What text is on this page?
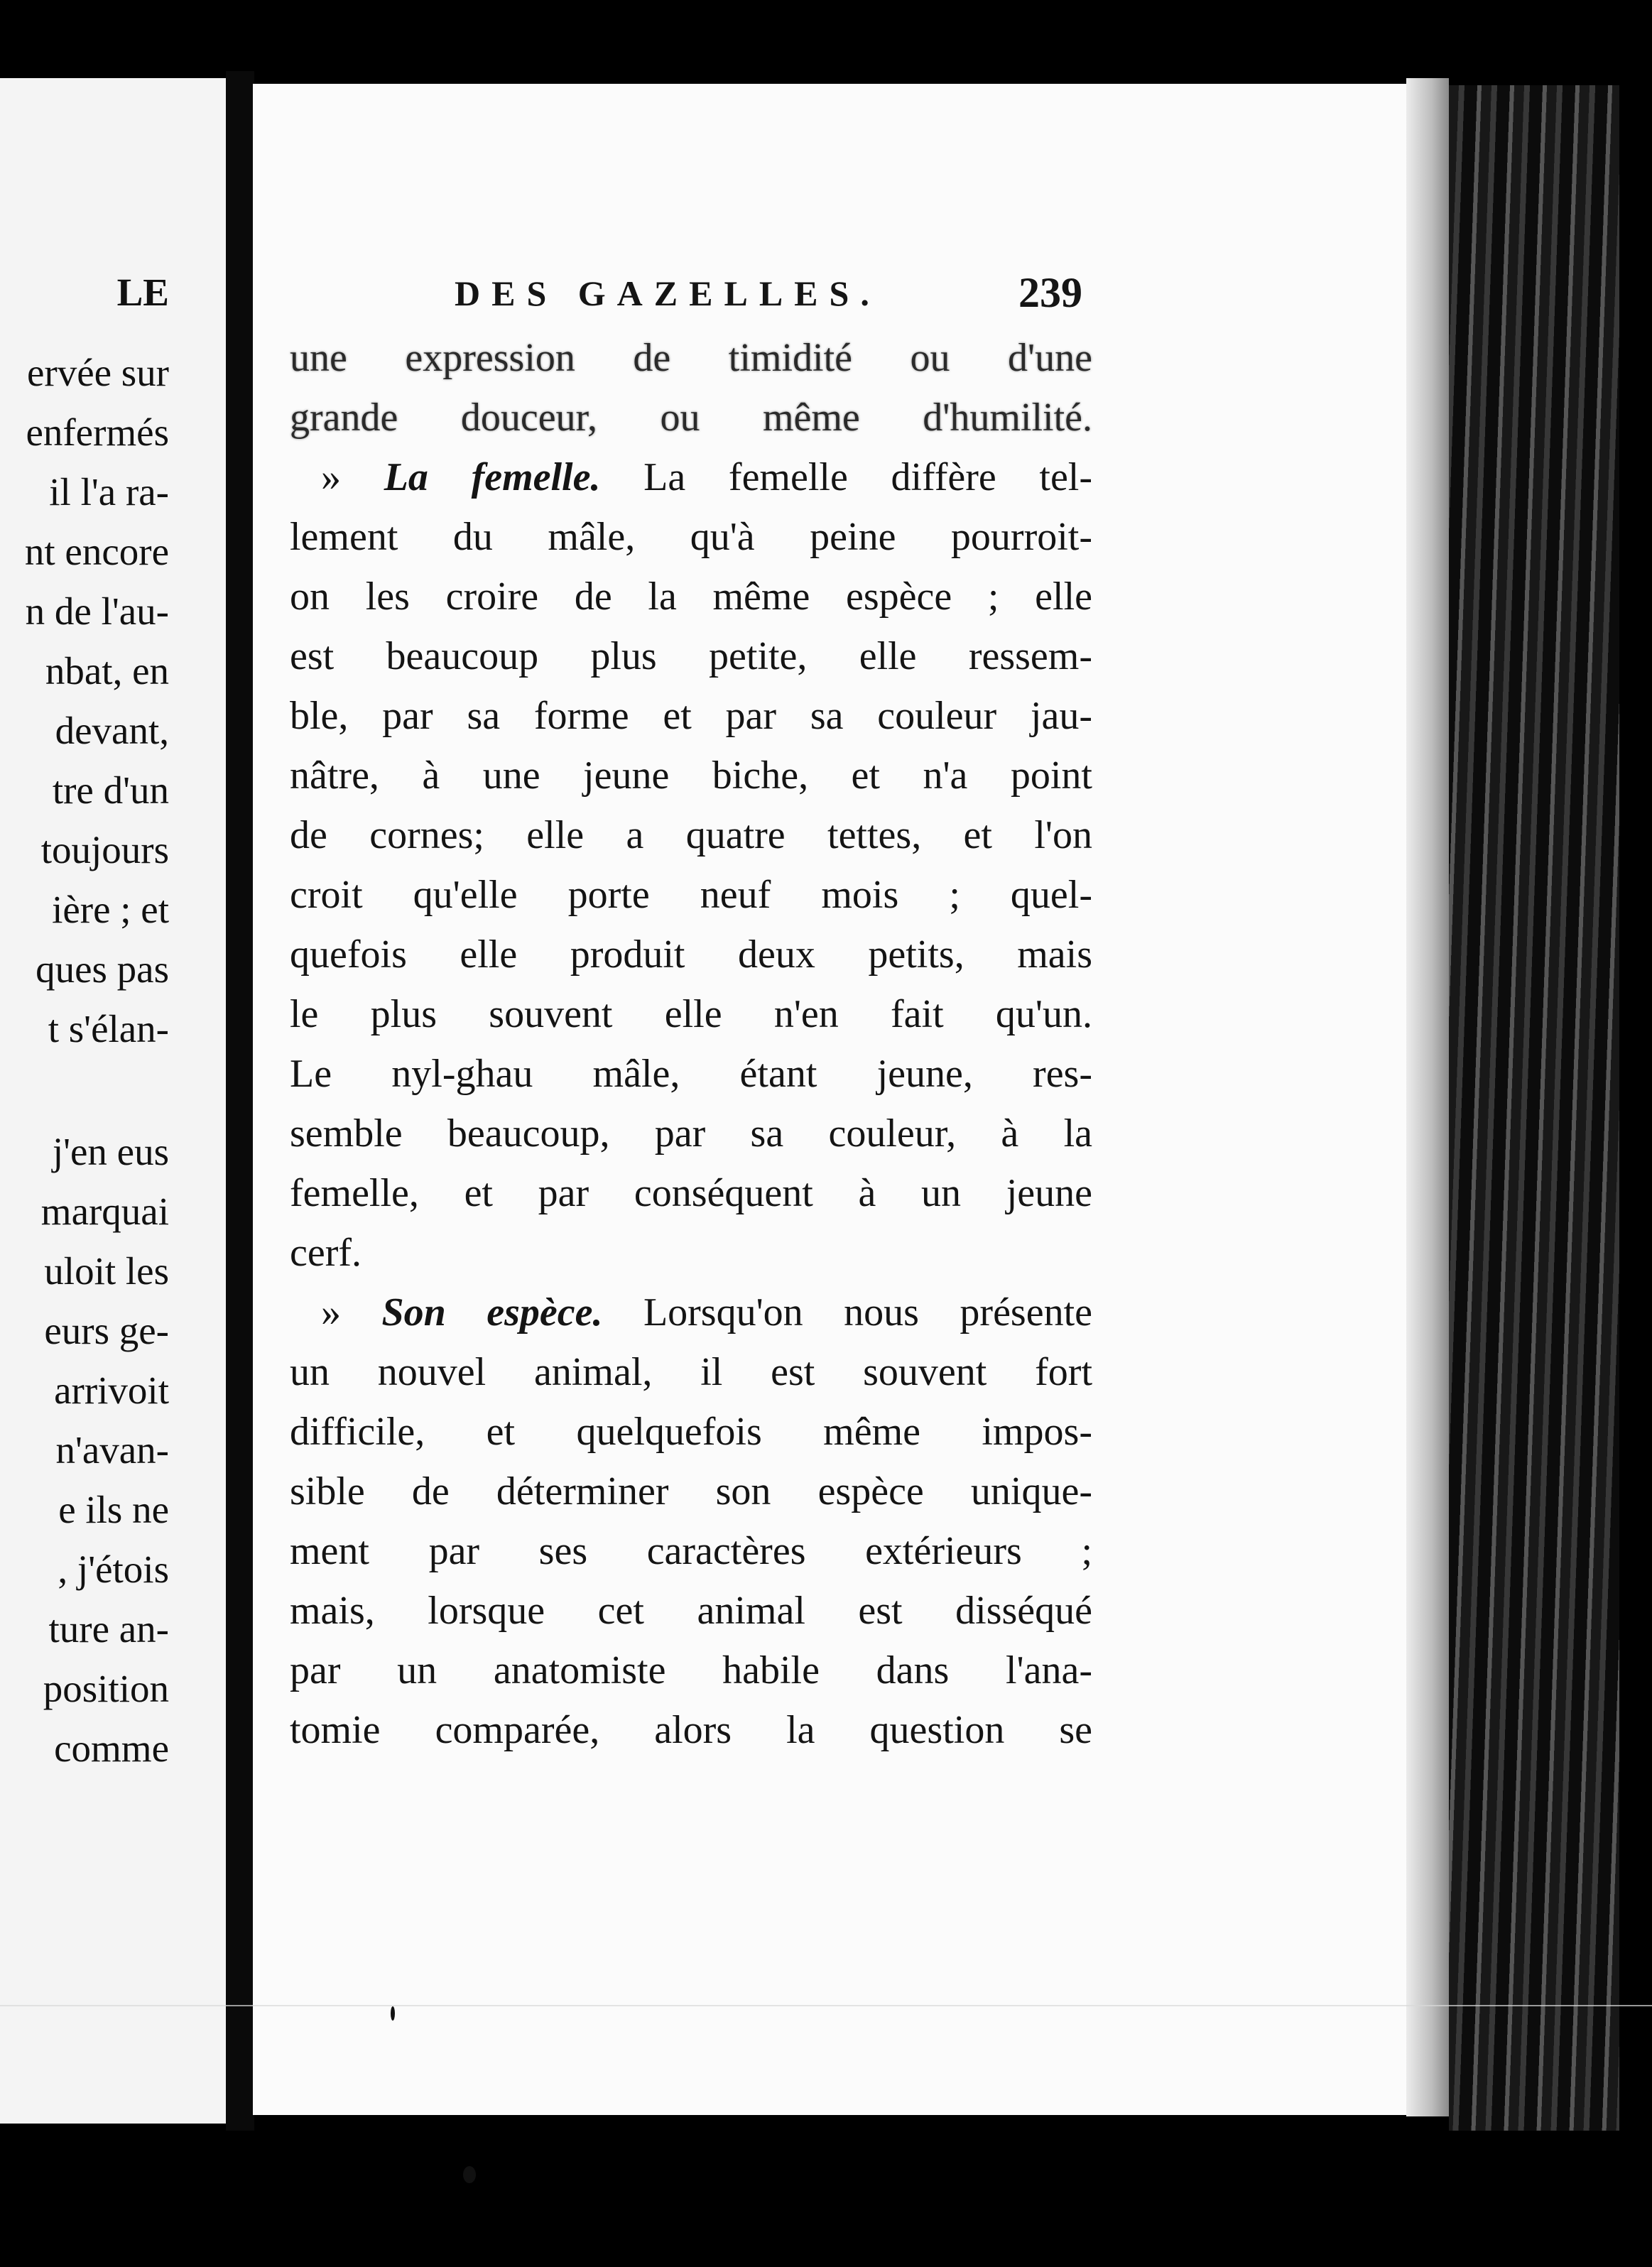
LE
ervée sur
enfermés
il l'a ra-
nt encore
n de l'au-
nbat, en
devant,
tre d'un
toujours
ière ; et
ques pas
t s'élan-
j'en eus
marquai
uloit les
eurs ge-
arrivoit
n'avan-
e ils ne
, j'étois
ture an-
position
comme
DES GAZELLES.	239
une expression de timidité ou d'une
grande douceur, ou même d'humilité.
» La femelle. La femelle diffère tel-
lement du mâle, qu'à peine pourroit-
on les croire de la même espèce ; elle
est beaucoup plus petite, elle ressem-
ble, par sa forme et par sa couleur jau-
nâtre, à une jeune biche, et n'a point
de cornes; elle a quatre tettes, et l'on
croit qu'elle porte neuf mois ; quel-
quefois elle produit deux petits, mais
le plus souvent elle n'en fait qu'un.
Le nyl-ghau mâle, étant jeune, res-
semble beaucoup, par sa couleur, à la
femelle, et par conséquent à un jeune
cerf.
» Son espèce. Lorsqu'on nous présente
un nouvel animal, il est souvent fort
difficile, et quelquefois même impos-
sible de déterminer son espèce unique-
ment par ses caractères extérieurs ;
mais, lorsque cet animal est disséqué
par un anatomiste habile dans l'ana-
tomie comparée, alors la question se
